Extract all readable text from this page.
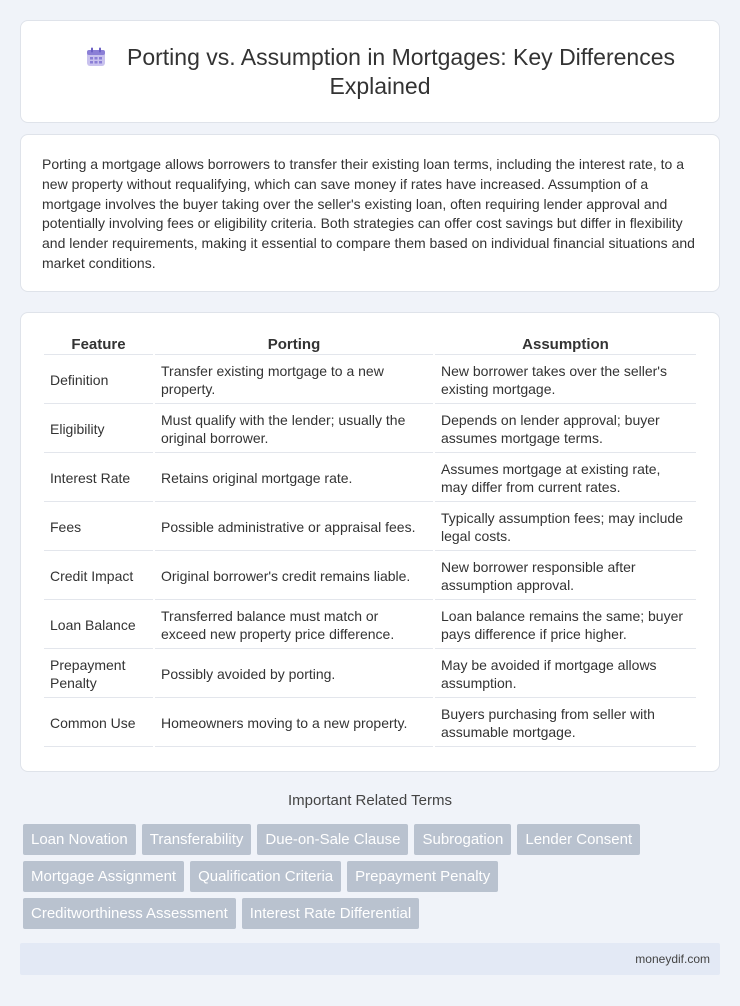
Porting vs. Assumption in Mortgages: Key Differences Explained

Porting a mortgage allows borrowers to transfer their existing loan terms, including the interest rate, to a new property without requalifying, which can save money if rates have increased. Assumption of a mortgage involves the buyer taking over the seller's existing loan, often requiring lender approval and potentially involving fees or eligibility criteria. Both strategies can offer cost savings but differ in flexibility and lender requirements, making it essential to compare them based on individual financial situations and market conditions.

Feature	Porting	Assumption
Definition	Transfer existing mortgage to a new property.	New borrower takes over the seller's existing mortgage.
Eligibility	Must qualify with the lender; usually the original borrower.	Depends on lender approval; buyer assumes mortgage terms.
Interest Rate	Retains original mortgage rate.	Assumes mortgage at existing rate, may differ from current rates.
Fees	Possible administrative or appraisal fees.	Typically assumption fees; may include legal costs.
Credit Impact	Original borrower's credit remains liable.	New borrower responsible after assumption approval.
Loan Balance	Transferred balance must match or exceed new property price difference.	Loan balance remains the same; buyer pays difference if price higher.
Prepayment Penalty	Possibly avoided by porting.	May be avoided if mortgage allows assumption.
Common Use	Homeowners moving to a new property.	Buyers purchasing from seller with assumable mortgage.
Important Related Terms
Loan Novation	Transferability	Due-on-Sale Clause	Subrogation	Lender Consent
Mortgage Assignment	Qualification Criteria	Prepayment Penalty
Creditworthiness Assessment	Interest Rate Differential
moneydif.com
